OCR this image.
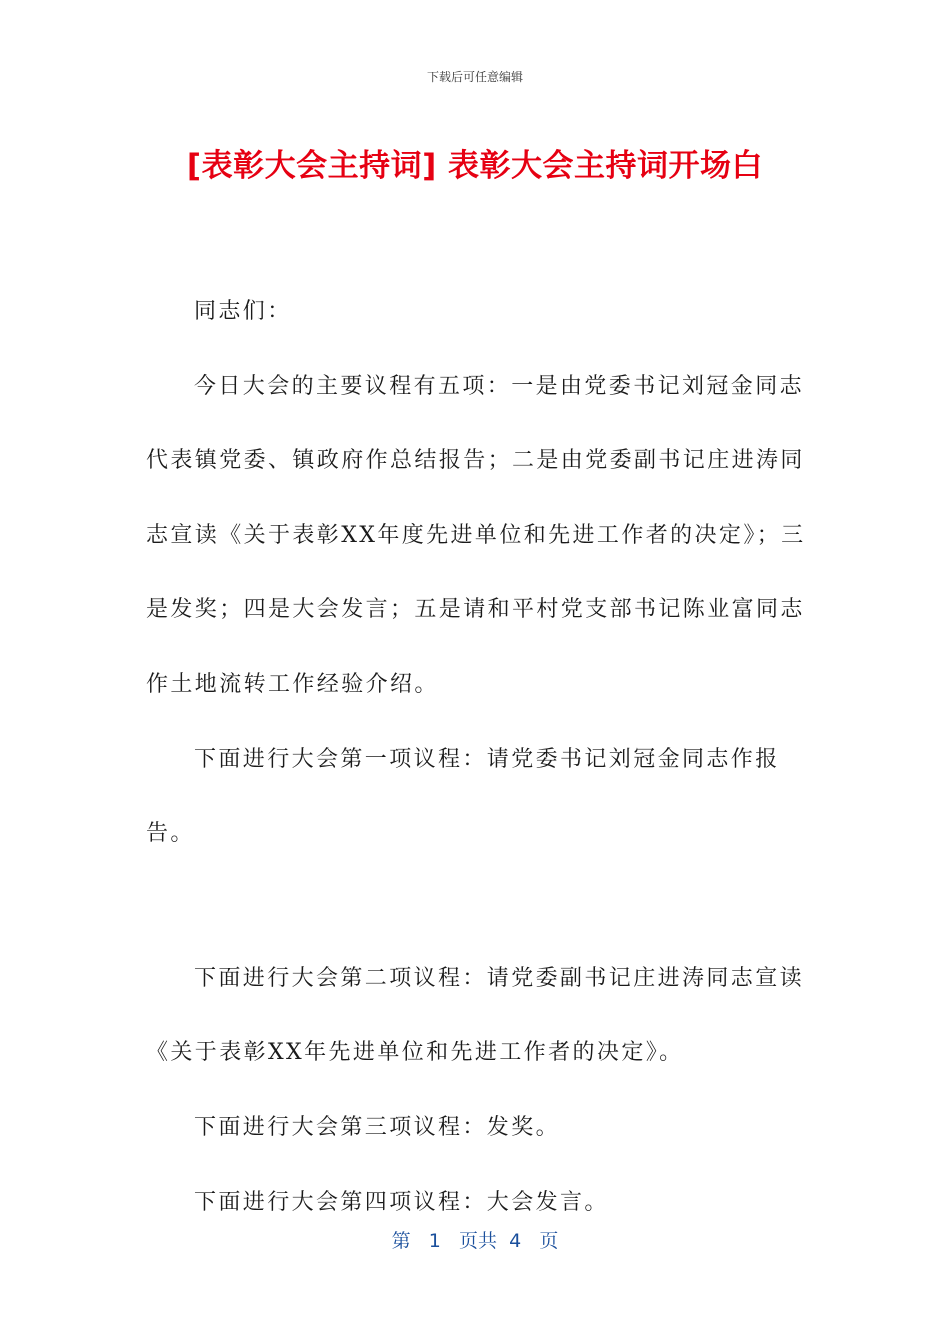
下载后可任意编辑
[表彰大会主持词] 表彰大会主持词开场白

同志们：

今日大会的主要议程有五项：一是由党委书记刘冠金同志

代表镇党委、镇政府作总结报告；二是由党委副书记庄进涛同

志宣读《关于表彰XX年度先进单位和先进工作者的决定》；三

是发奖；四是大会发言；五是请和平村党支部书记陈业富同志

作土地流转工作经验介绍。

下面进行大会第一项议程：请党委书记刘冠金同志作报告。

下面进行大会第二项议程：请党委副书记庄进涛同志宣读

《关于表彰XX年先进单位和先进工作者的决定》。

下面进行大会第三项议程：发奖。

下面进行大会第四项议程：大会发言。

第 1 页共 4 页
